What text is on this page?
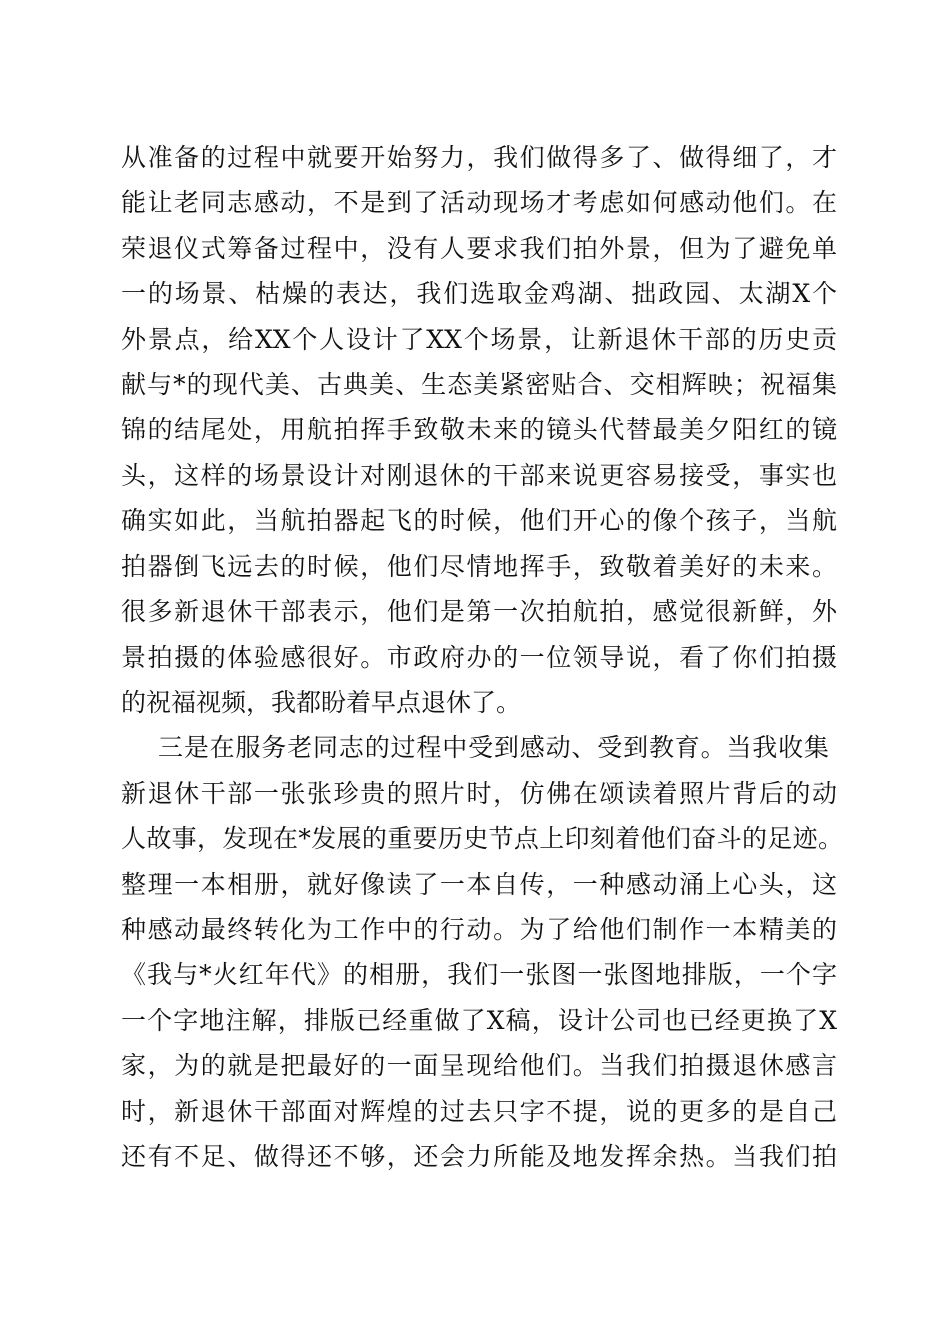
从准备的过程中就要开始努力，我们做得多了、做得细了，才
能让老同志感动，不是到了活动现场才考虑如何感动他们。在
荣退仪式筹备过程中，没有人要求我们拍外景，但为了避免单
一的场景、枯燥的表达，我们选取金鸡湖、拙政园、太湖X个
外景点，给XX个人设计了XX个场景，让新退休干部的历史贡
献与*的现代美、古典美、生态美紧密贴合、交相辉映；祝福集
锦的结尾处，用航拍挥手致敬未来的镜头代替最美夕阳红的镜
头，这样的场景设计对刚退休的干部来说更容易接受，事实也
确实如此，当航拍器起飞的时候，他们开心的像个孩子，当航
拍器倒飞远去的时候，他们尽情地挥手，致敬着美好的未来。
很多新退休干部表示，他们是第一次拍航拍，感觉很新鲜，外
景拍摄的体验感很好。市政府办的一位领导说，看了你们拍摄
的祝福视频，我都盼着早点退休了。
三是在服务老同志的过程中受到感动、受到教育。当我收集
新退休干部一张张珍贵的照片时，仿佛在颂读着照片背后的动
人故事，发现在*发展的重要历史节点上印刻着他们奋斗的足迹。
整理一本相册，就好像读了一本自传，一种感动涌上心头，这
种感动最终转化为工作中的行动。为了给他们制作一本精美的
《我与*火红年代》的相册，我们一张图一张图地排版，一个字
一个字地注解，排版已经重做了X稿，设计公司也已经更换了X
家，为的就是把最好的一面呈现给他们。当我们拍摄退休感言
时，新退休干部面对辉煌的过去只字不提，说的更多的是自己
还有不足、做得还不够，还会力所能及地发挥余热。当我们拍
